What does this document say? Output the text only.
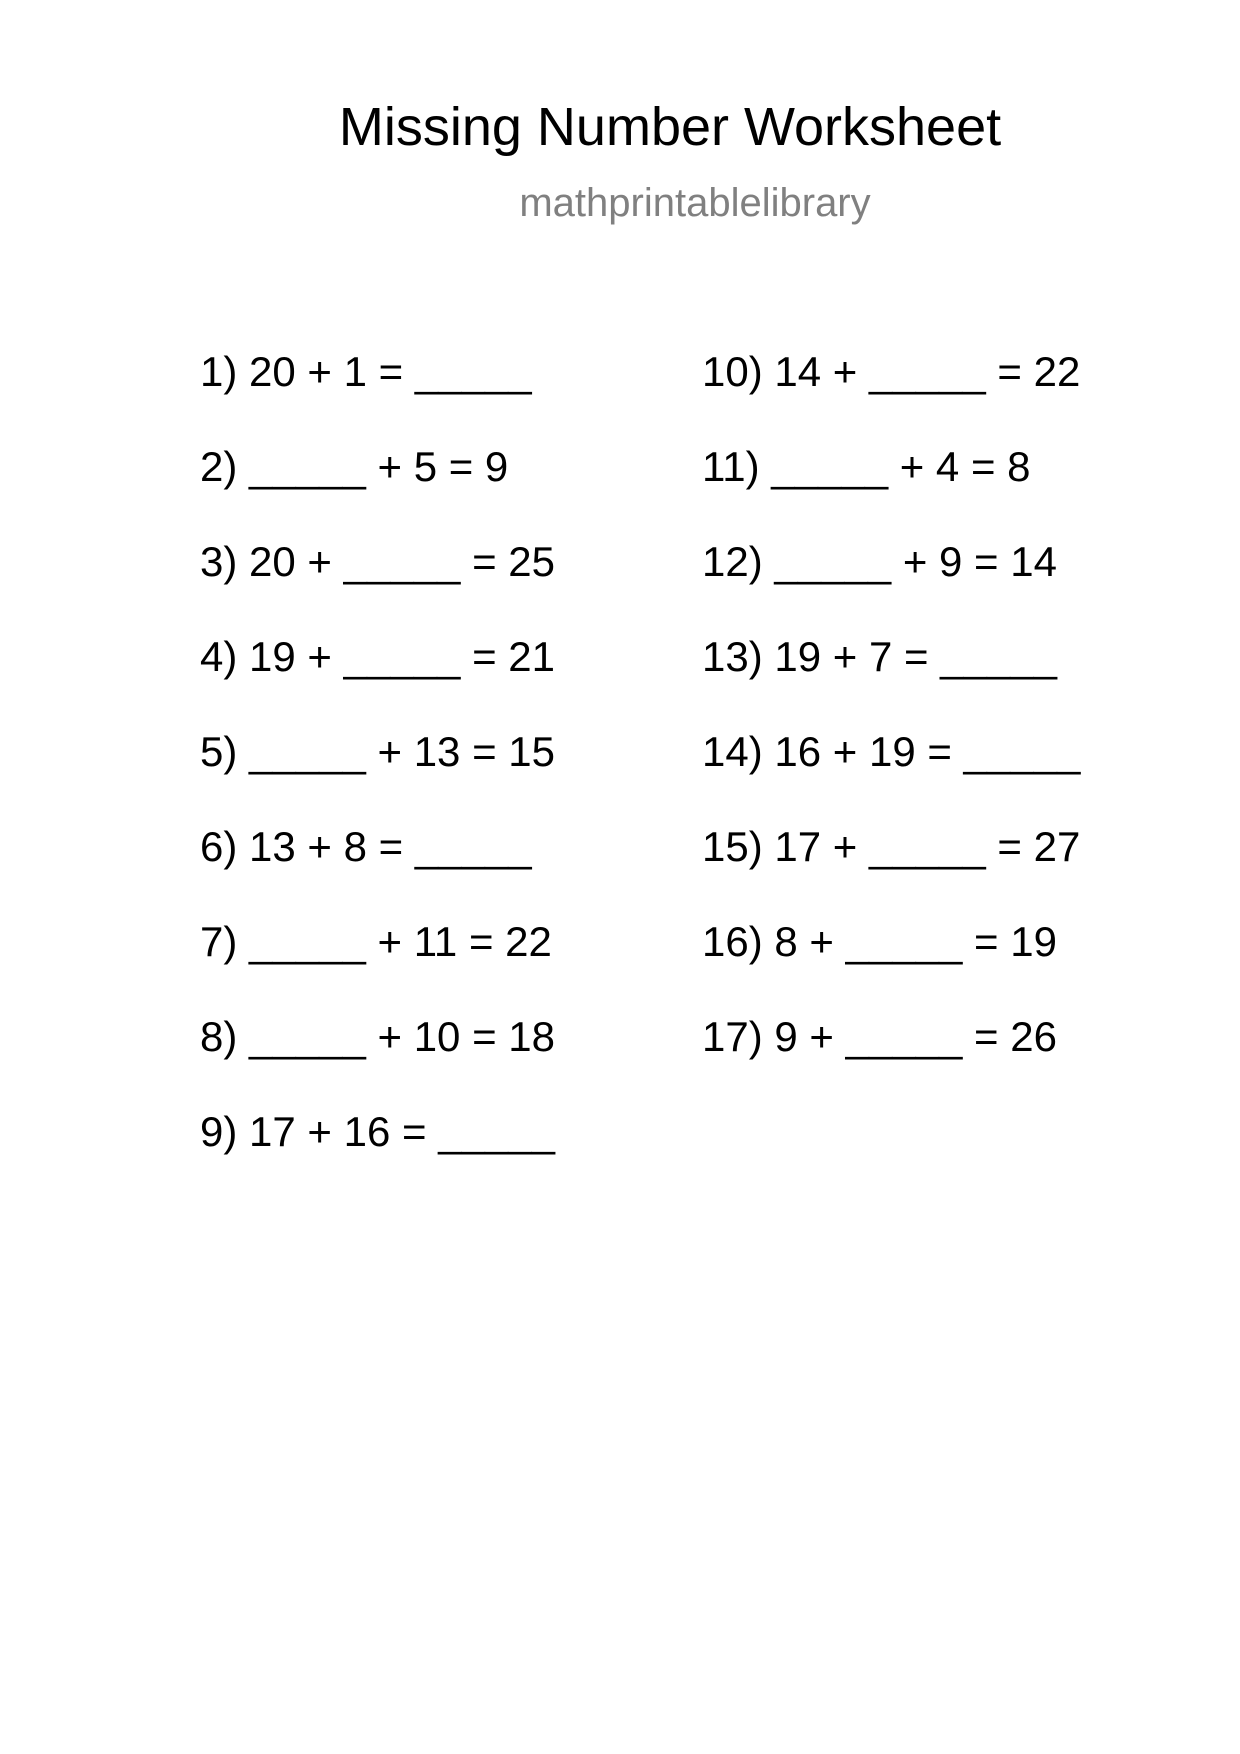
Missing Number Worksheet
mathprintablelibrary
1) 20 + 1 = _____
2) _____ + 5 = 9
3) 20 + _____ = 25
4) 19 + _____ = 21
5) _____ + 13 = 15
6) 13 + 8 = _____
7) _____ + 11 = 22
8) _____ + 10 = 18
9) 17 + 16 = _____
10) 14 + _____ = 22
11) _____ + 4 = 8
12) _____ + 9 = 14
13) 19 + 7 = _____
14) 16 + 19 = _____
15) 17 + _____ = 27
16) 8 + _____ = 19
17) 9 + _____ = 26
